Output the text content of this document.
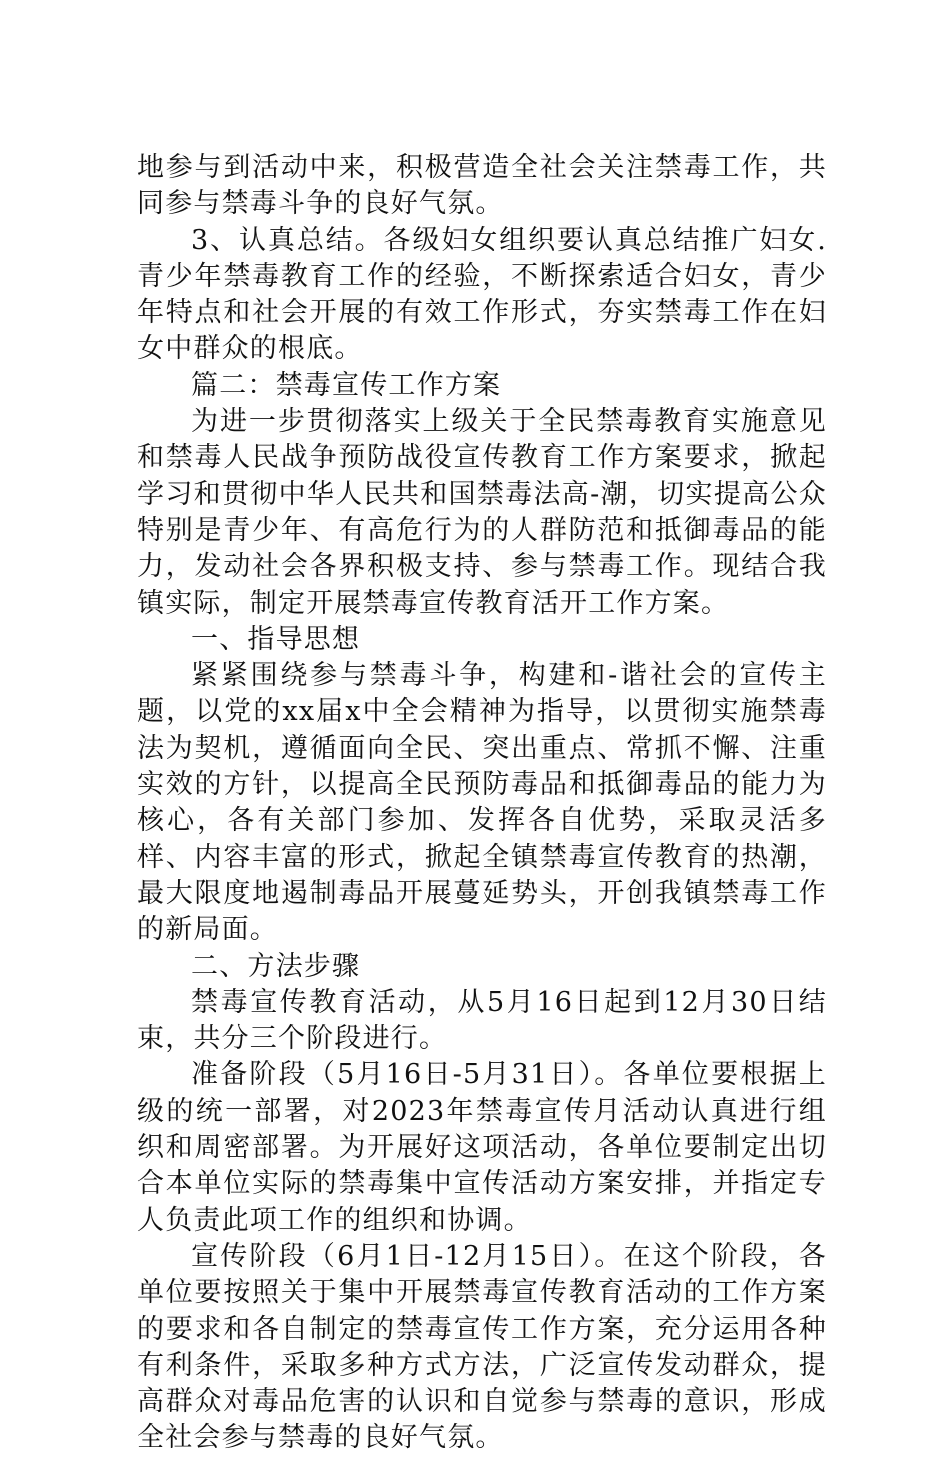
地参与到活动中来，积极营造全社会关注禁毒工作，共同参与禁毒斗争的良好气氛。

3、认真总结。各级妇女组织要认真总结推广妇女.青少年禁毒教育工作的经验，不断探索适合妇女，青少年特点和社会开展的有效工作形式，夯实禁毒工作在妇女中群众的根底。

篇二：禁毒宣传工作方案

为进一步贯彻落实上级关于全民禁毒教育实施意见和禁毒人民战争预防战役宣传教育工作方案要求，掀起学习和贯彻中华人民共和国禁毒法高-潮，切实提高公众特别是青少年、有高危行为的人群防范和抵御毒品的能力，发动社会各界积极支持、参与禁毒工作。现结合我镇实际，制定开展禁毒宣传教育活开工作方案。

一、指导思想

紧紧围绕参与禁毒斗争，构建和-谐社会的宣传主题，以党的xx届x中全会精神为指导，以贯彻实施禁毒法为契机，遵循面向全民、突出重点、常抓不懈、注重实效的方针，以提高全民预防毒品和抵御毒品的能力为核心，各有关部门参加、发挥各自优势，采取灵活多样、内容丰富的形式，掀起全镇禁毒宣传教育的热潮，最大限度地遏制毒品开展蔓延势头，开创我镇禁毒工作的新局面。

二、方法步骤

禁毒宣传教育活动，从5月16日起到12月30日结束，共分三个阶段进行。

准备阶段（5月16日-5月31日）。各单位要根据上级的统一部署，对2023年禁毒宣传月活动认真进行组织和周密部署。为开展好这项活动，各单位要制定出切合本单位实际的禁毒集中宣传活动方案安排，并指定专人负责此项工作的组织和协调。

宣传阶段（6月1日-12月15日）。在这个阶段，各单位要按照关于集中开展禁毒宣传教育活动的工作方案的要求和各自制定的禁毒宣传工作方案，充分运用各种有利条件，采取多种方式方法，广泛宣传发动群众，提高群众对毒品危害的认识和自觉参与禁毒的意识，形成全社会参与禁毒的良好气氛。
